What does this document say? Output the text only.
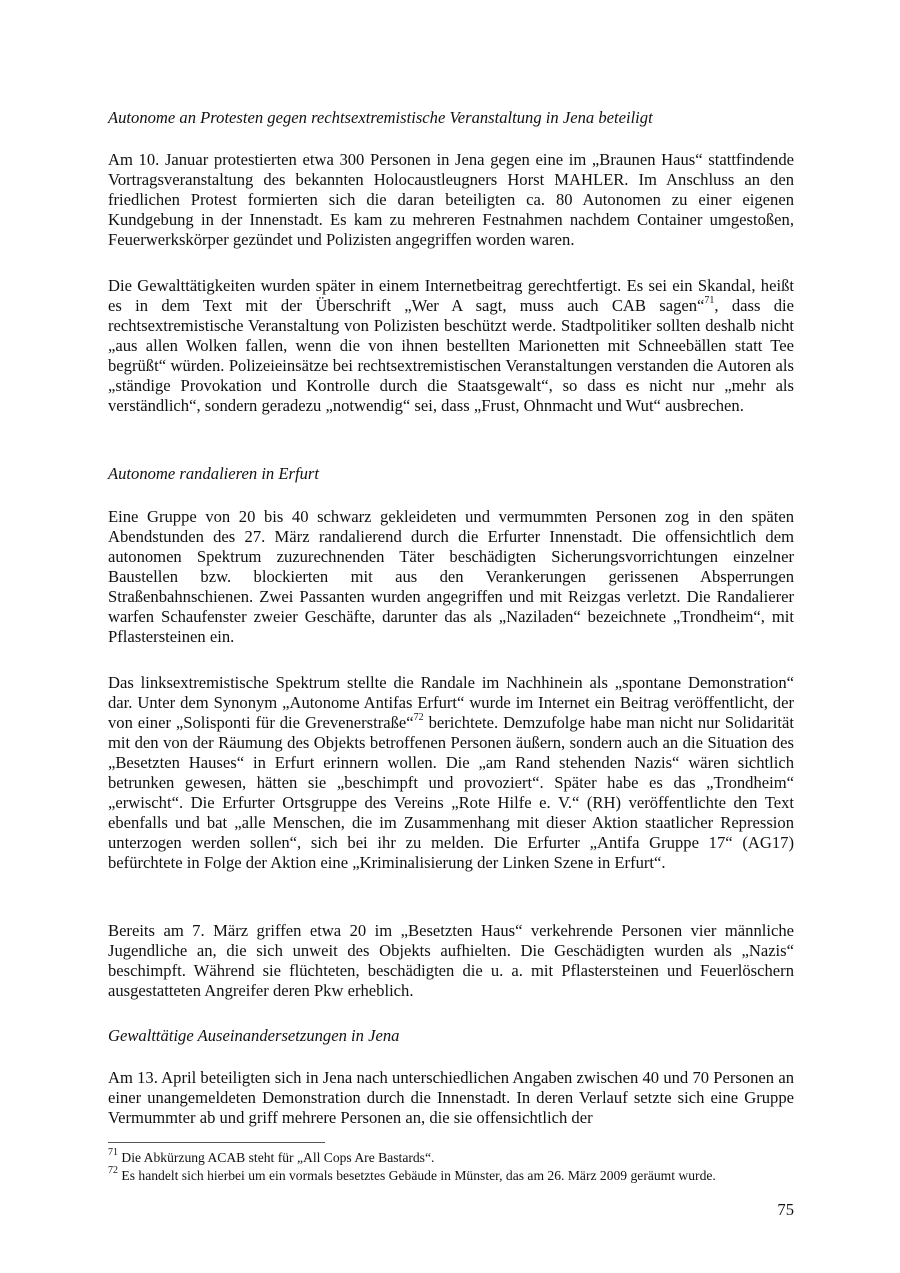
Autonome an Protesten gegen rechtsextremistische Veranstaltung in Jena beteiligt

Am 10. Januar protestierten etwa 300 Personen in Jena gegen eine im „Braunen Haus“ stattfindende Vortragsveranstaltung des bekannten Holocaustleugners Horst MAHLER. Im Anschluss an den friedlichen Protest formierten sich die daran beteiligten ca. 80 Autonomen zu einer eigenen Kundgebung in der Innenstadt. Es kam zu mehreren Festnahmen nachdem Container umgestoßen, Feuerwerkskörper gezündet und Polizisten angegriffen worden waren.

Die Gewalttätigkeiten wurden später in einem Internetbeitrag gerechtfertigt. Es sei ein Skandal, heißt es in dem Text mit der Überschrift „Wer A sagt, muss auch CAB sagen“$^{71}$, dass die rechtsextremistische Veranstaltung von Polizisten beschützt werde. Stadtpolitiker sollten deshalb nicht „aus allen Wolken fallen, wenn die von ihnen bestellten Marionetten mit Schneebällen statt Tee begrüßt“ würden. Polizeieinsätze bei rechtsextremistischen Veranstaltungen verstanden die Autoren als „ständige Provokation und Kontrolle durch die Staatsgewalt“, so dass es nicht nur „mehr als verständlich“, sondern geradezu „notwendig“ sei, dass „Frust, Ohnmacht und Wut“ ausbrechen.

Autonome randalieren in Erfurt

Eine Gruppe von 20 bis 40 schwarz gekleideten und vermummten Personen zog in den späten Abendstunden des 27. März randalierend durch die Erfurter Innenstadt. Die offensichtlich dem autonomen Spektrum zuzurechnenden Täter beschädigten Sicherungsvorrichtungen einzelner Baustellen bzw. blockierten mit aus den Verankerungen gerissenen Absperrungen Straßenbahnschienen. Zwei Passanten wurden angegriffen und mit Reizgas verletzt. Die Randalierer warfen Schaufenster zweier Geschäfte, darunter das als „Naziladen“ bezeichnete „Trondheim“, mit Pflastersteinen ein.

Das linksextremistische Spektrum stellte die Randale im Nachhinein als „spontane Demonstration“ dar. Unter dem Synonym „Autonome Antifas Erfurt“ wurde im Internet ein Beitrag veröffentlicht, der von einer „Solisponti für die Grevenerstraße“$^{72}$ berichtete. Demzufolge habe man nicht nur Solidarität mit den von der Räumung des Objekts betroffenen Personen äußern, sondern auch an die Situation des „Besetzten Hauses“ in Erfurt erinnern wollen. Die „am Rand stehenden Nazis“ wären sichtlich betrunken gewesen, hätten sie „beschimpft und provoziert“. Später habe es das „Trondheim“ „erwischt“. Die Erfurter Ortsgruppe des Vereins „Rote Hilfe e. V.“ (RH) veröffentlichte den Text ebenfalls und bat „alle Menschen, die im Zusammenhang mit dieser Aktion staatlicher Repression unterzogen werden sollen“, sich bei ihr zu melden. Die Erfurter „Antifa Gruppe 17“ (AG17) befürchtete in Folge der Aktion eine „Kriminalisierung der Linken Szene in Erfurt“.

Bereits am 7. März griffen etwa 20 im „Besetzten Haus“ verkehrende Personen vier männliche Jugendliche an, die sich unweit des Objekts aufhielten. Die Geschädigten wurden als „Nazis“ beschimpft. Während sie flüchteten, beschädigten die u. a. mit Pflastersteinen und Feuerlöschern ausgestatteten Angreifer deren Pkw erheblich.

Gewalttätige Auseinandersetzungen in Jena

Am 13. April beteiligten sich in Jena nach unterschiedlichen Angaben zwischen 40 und 70 Personen an einer unangemeldeten Demonstration durch die Innenstadt. In deren Verlauf setzte sich eine Gruppe Vermummter ab und griff mehrere Personen an, die sie offensichtlich der

$^{71}$ Die Abkürzung ACAB steht für „All Cops Are Bastards“.
$^{72}$ Es handelt sich hierbei um ein vormals besetztes Gebäude in Münster, das am 26. März 2009 geräumt wurde.
75
